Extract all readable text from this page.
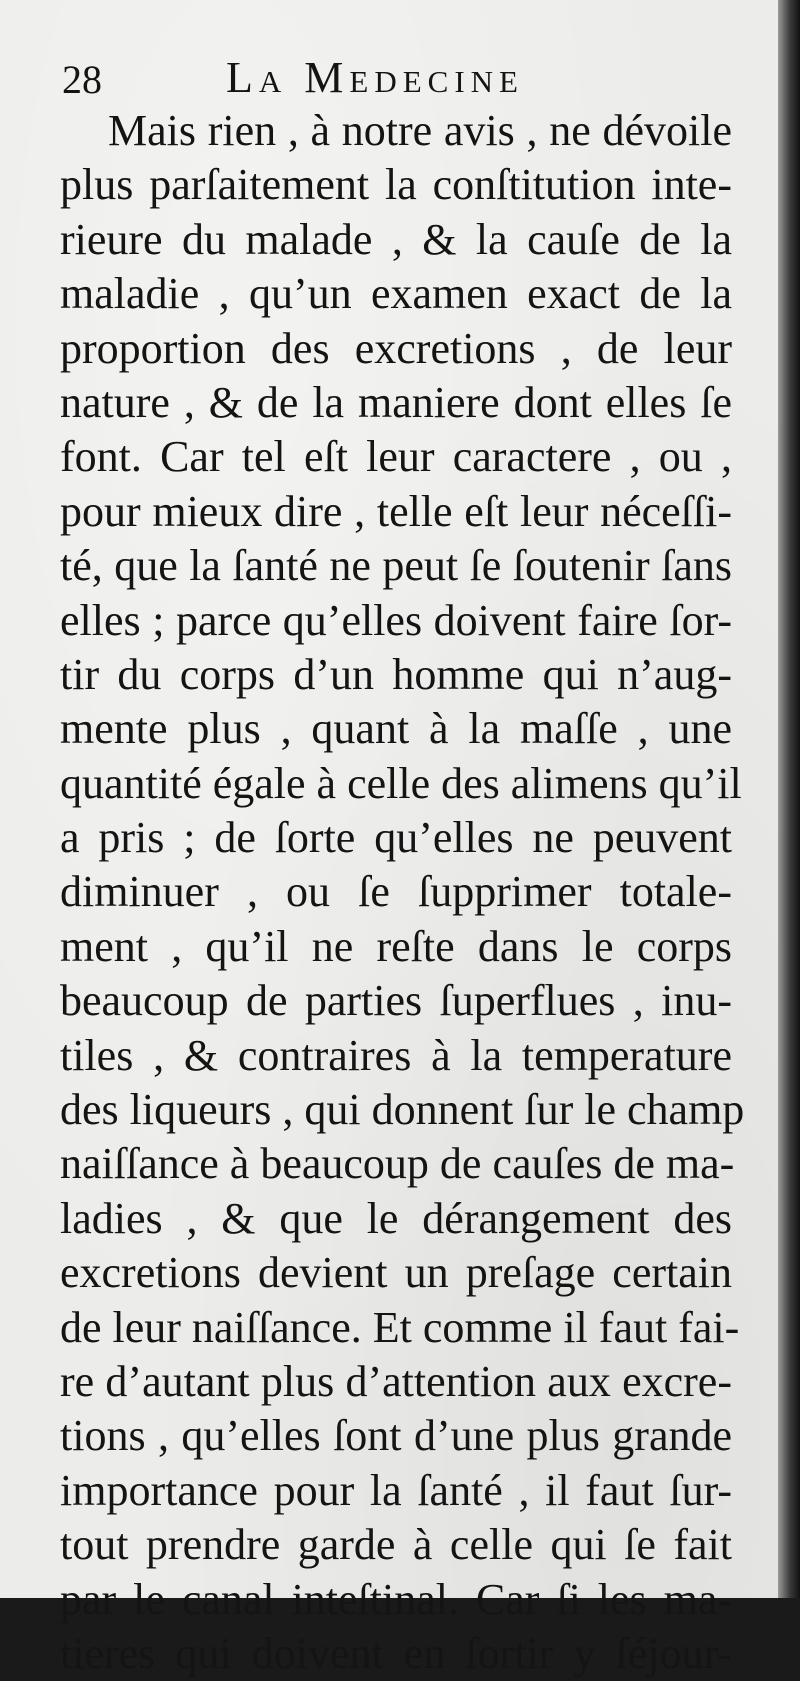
28	La Medecine
Mais rien , à notre avis , ne dévoile
plus parſaitement la conſtitution inte-
rieure du malade , & la cauſe de la
maladie , qu’un examen exact de la
proportion des excretions , de leur
nature , & de la maniere dont elles ſe
font. Car tel eſt leur caractere , ou ,
pour mieux dire , telle eſt leur néceſſi-
té, que la ſanté ne peut ſe ſoutenir ſans
elles ; parce qu’elles doivent faire ſor-
tir du corps d’un homme qui n’aug-
mente plus , quant à la maſſe , une
quantité égale à celle des alimens qu’il
a pris ; de ſorte qu’elles ne peuvent
diminuer , ou ſe ſupprimer totale-
ment , qu’il ne reſte dans le corps
beaucoup de parties ſuperflues , inu-
tiles , & contraires à la temperature
des liqueurs , qui donnent ſur le champ
naiſſance à beaucoup de cauſes de ma-
ladies , & que le dérangement des
excretions devient un preſage certain
de leur naiſſance. Et comme il faut fai-
re d’autant plus d’attention aux excre-
tions , qu’elles ſont d’une plus grande
importance pour la ſanté , il faut ſur-
tout prendre garde à celle qui ſe fait
par le canal inteſtinal. Car ſi les ma-
tieres qui doivent en ſortir y ſéjour-
